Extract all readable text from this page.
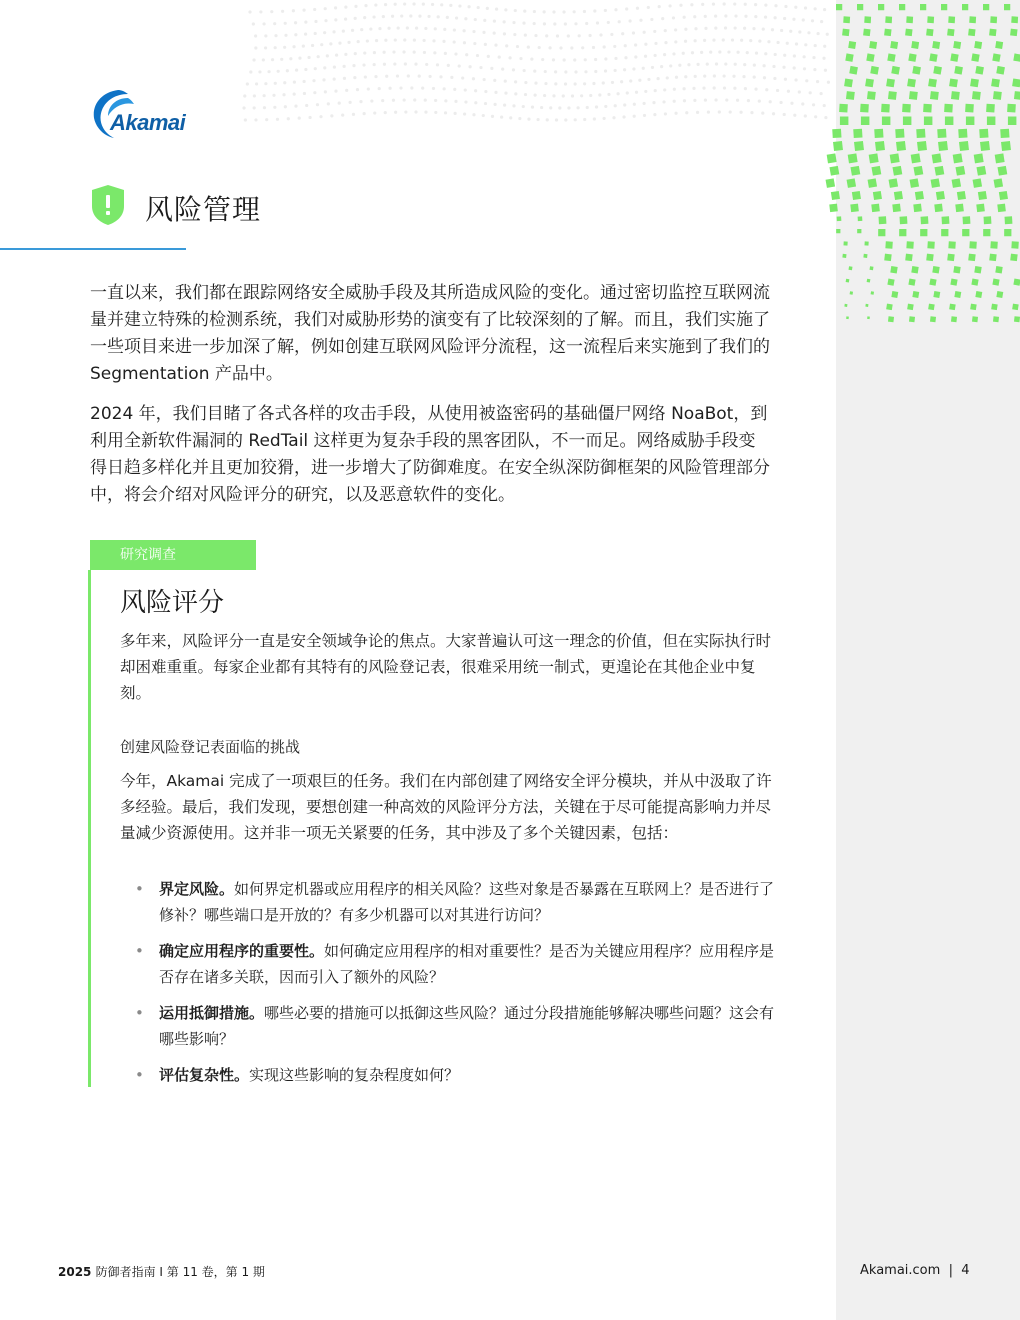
Akamai
风险管理

一直以来，我们都在跟踪网络安全威胁手段及其所造成风险的变化。通过密切监控互联网流量并建立特殊的检测系统，我们对威胁形势的演变有了比较深刻的了解。而且，我们实施了一些项目来进一步加深了解，例如创建互联网风险评分流程，这一流程后来实施到了我们的 Segmentation 产品中。

2024 年，我们目睹了各式各样的攻击手段，从使用被盗密码的基础僵尸网络 NoaBot，到利用全新软件漏洞的 RedTail 这样更为复杂手段的黑客团队，不一而足。网络威胁手段变得日趋多样化并且更加狡猾，进一步增大了防御难度。在安全纵深防御框架的风险管理部分中，将会介绍对风险评分的研究，以及恶意软件的变化。

研究调查
风险评分

多年来，风险评分一直是安全领域争论的焦点。大家普遍认可这一理念的价值，但在实际执行时却困难重重。每家企业都有其特有的风险登记表，很难采用统一制式，更遑论在其他企业中复刻。

创建风险登记表面临的挑战

今年，Akamai 完成了一项艰巨的任务。我们在内部创建了网络安全评分模块，并从中汲取了许多经验。最后，我们发现，要想创建一种高效的风险评分方法，关键在于尽可能提高影响力并尽量减少资源使用。这并非一项无关紧要的任务，其中涉及了多个关键因素，包括：

• 界定风险。如何界定机器或应用程序的相关风险？这些对象是否暴露在互联网上？是否进行了修补？哪些端口是开放的？有多少机器可以对其进行访问？
• 确定应用程序的重要性。如何确定应用程序的相对重要性？是否为关键应用程序？应用程序是否存在诸多关联，因而引入了额外的风险？
• 运用抵御措施。哪些必要的措施可以抵御这些风险？通过分段措施能够解决哪些问题？这会有哪些影响？
• 评估复杂性。实现这些影响的复杂程度如何？
2025 防御者指南 I 第 11 卷，第 1 期	Akamai.com | 4
